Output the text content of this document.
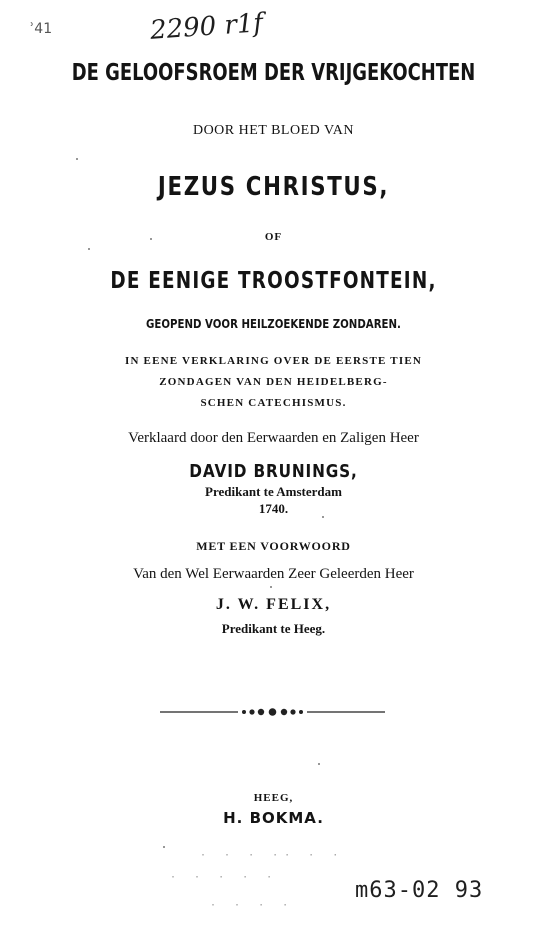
ʾ41	2290 r1f
DE GELOOFSROEM DER VRIJGEKOCHTEN
DOOR HET BLOED VAN
JEZUS CHRISTUS,
OF
DE EENIGE TROOSTFONTEIN,
GEOPEND VOOR HEILZOEKENDE ZONDAREN.
IN EENE VERKLARING OVER DE EERSTE TIEN
ZONDAGEN VAN DEN HEIDELBERG-
SCHEN CATECHISMUS.
Verklaard door den Eerwaarden en Zaligen Heer
DAVID BRUNINGS,
Predikant te Amsterdam
1740.
MET EEN VOORWOORD
Van den Wel Eerwaarden Zeer Geleerden Heer
J. W. FELIX,
Predikant te Heeg.
HEEG,
H. BOKMA.
· · · ·· · ·
· · · · ·
· · · ·
m63-02 93
